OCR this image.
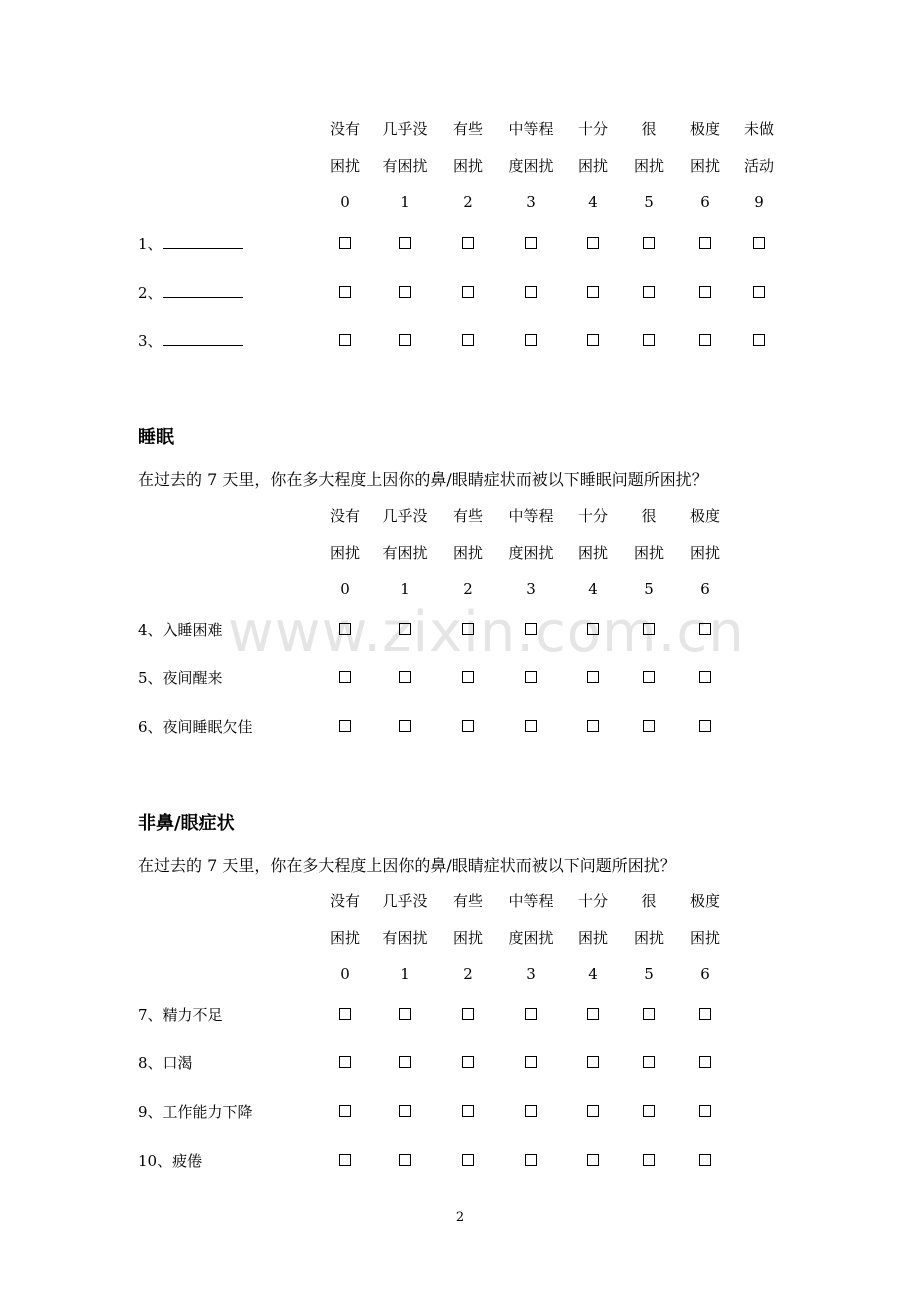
没有
困扰
0
几乎没
有困扰
1
有些
困扰
2
中等程
度困扰
3
十分
困扰
4
很
困扰
5
极度
困扰
6
未做
活动
9
1、
2、
3、
睡眠
在过去的 7 天里，你在多大程度上因你的鼻/眼睛症状而被以下睡眠问题所困扰？
没有
困扰
0
几乎没
有困扰
1
有些
困扰
2
中等程
度困扰
3
十分
困扰
4
很
困扰
5
极度
困扰
6
4、入睡困难
5、夜间醒来
6、夜间睡眠欠佳
非鼻/眼症状
在过去的 7 天里，你在多大程度上因你的鼻/眼睛症状而被以下问题所困扰？
没有
困扰
0
几乎没
有困扰
1
有些
困扰
2
中等程
度困扰
3
十分
困扰
4
很
困扰
5
极度
困扰
6
7、精力不足
8、口渴
9、工作能力下降
10、疲倦
www.zixin.com.cn
2
